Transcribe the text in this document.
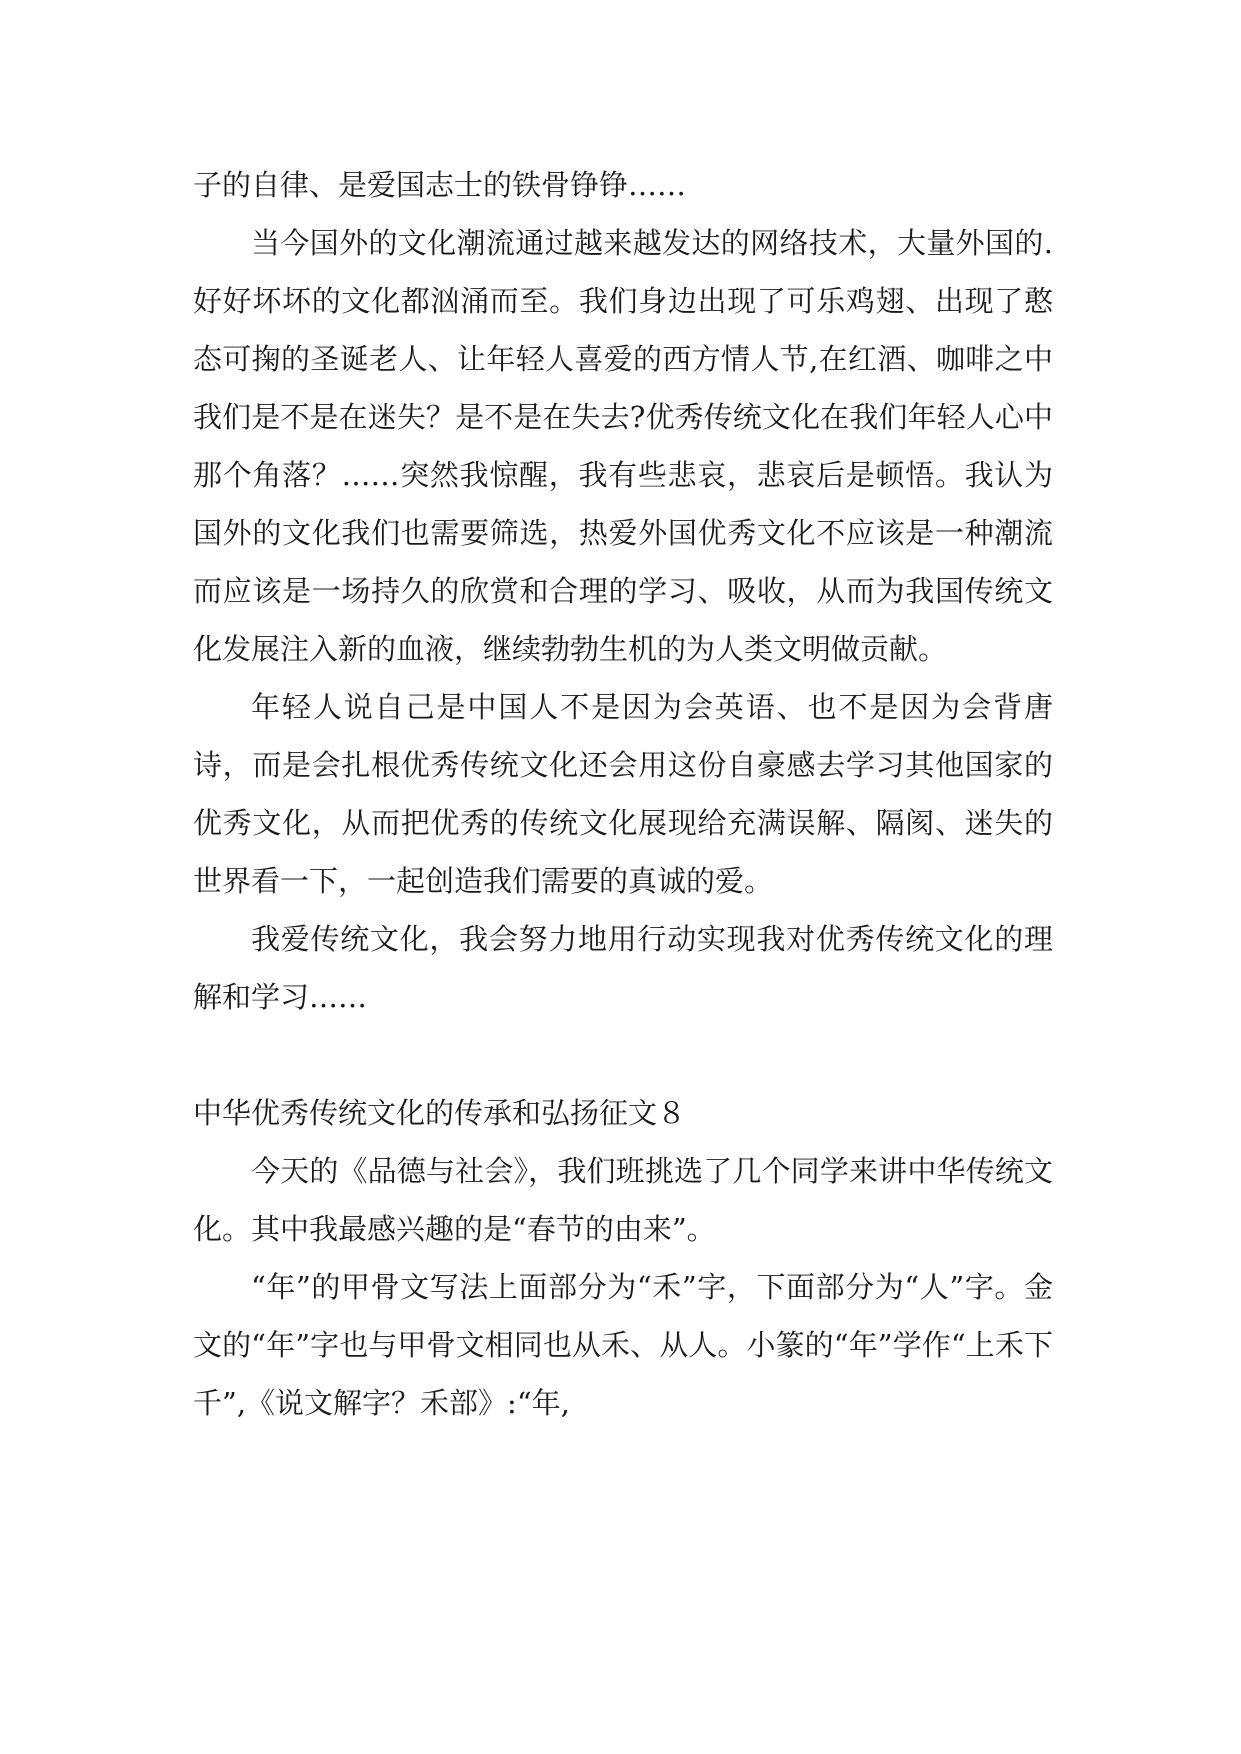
子的自律、是爱国志士的铁骨铮铮……

当今国外的文化潮流通过越来越发达的网络技术，大量外国的.好好坏坏的文化都汹涌而至。我们身边出现了可乐鸡翅、出现了憨态可掬的圣诞老人、让年轻人喜爱的西方情人节,在红酒、咖啡之中我们是不是在迷失？是不是在失去?优秀传统文化在我们年轻人心中那个角落？……突然我惊醒，我有些悲哀，悲哀后是顿悟。我认为国外的文化我们也需要筛选，热爱外国优秀文化不应该是一种潮流而应该是一场持久的欣赏和合理的学习、吸收，从而为我国传统文化发展注入新的血液，继续勃勃生机的为人类文明做贡献。

年轻人说自己是中国人不是因为会英语、也不是因为会背唐诗，而是会扎根优秀传统文化还会用这份自豪感去学习其他国家的优秀文化，从而把优秀的传统文化展现给充满误解、隔阂、迷失的世界看一下，一起创造我们需要的真诚的爱。

我爱传统文化，我会努力地用行动实现我对优秀传统文化的理解和学习……

中华优秀传统文化的传承和弘扬征文８

今天的《品德与社会》，我们班挑选了几个同学来讲中华传统文化。其中我最感兴趣的是“春节的由来”。

“年”的甲骨文写法上面部分为“禾”字，下面部分为“人”字。金文的“年”字也与甲骨文相同也从禾、从人。小篆的“年”学作“上禾下千”,《说文解字？禾部》:“年,
